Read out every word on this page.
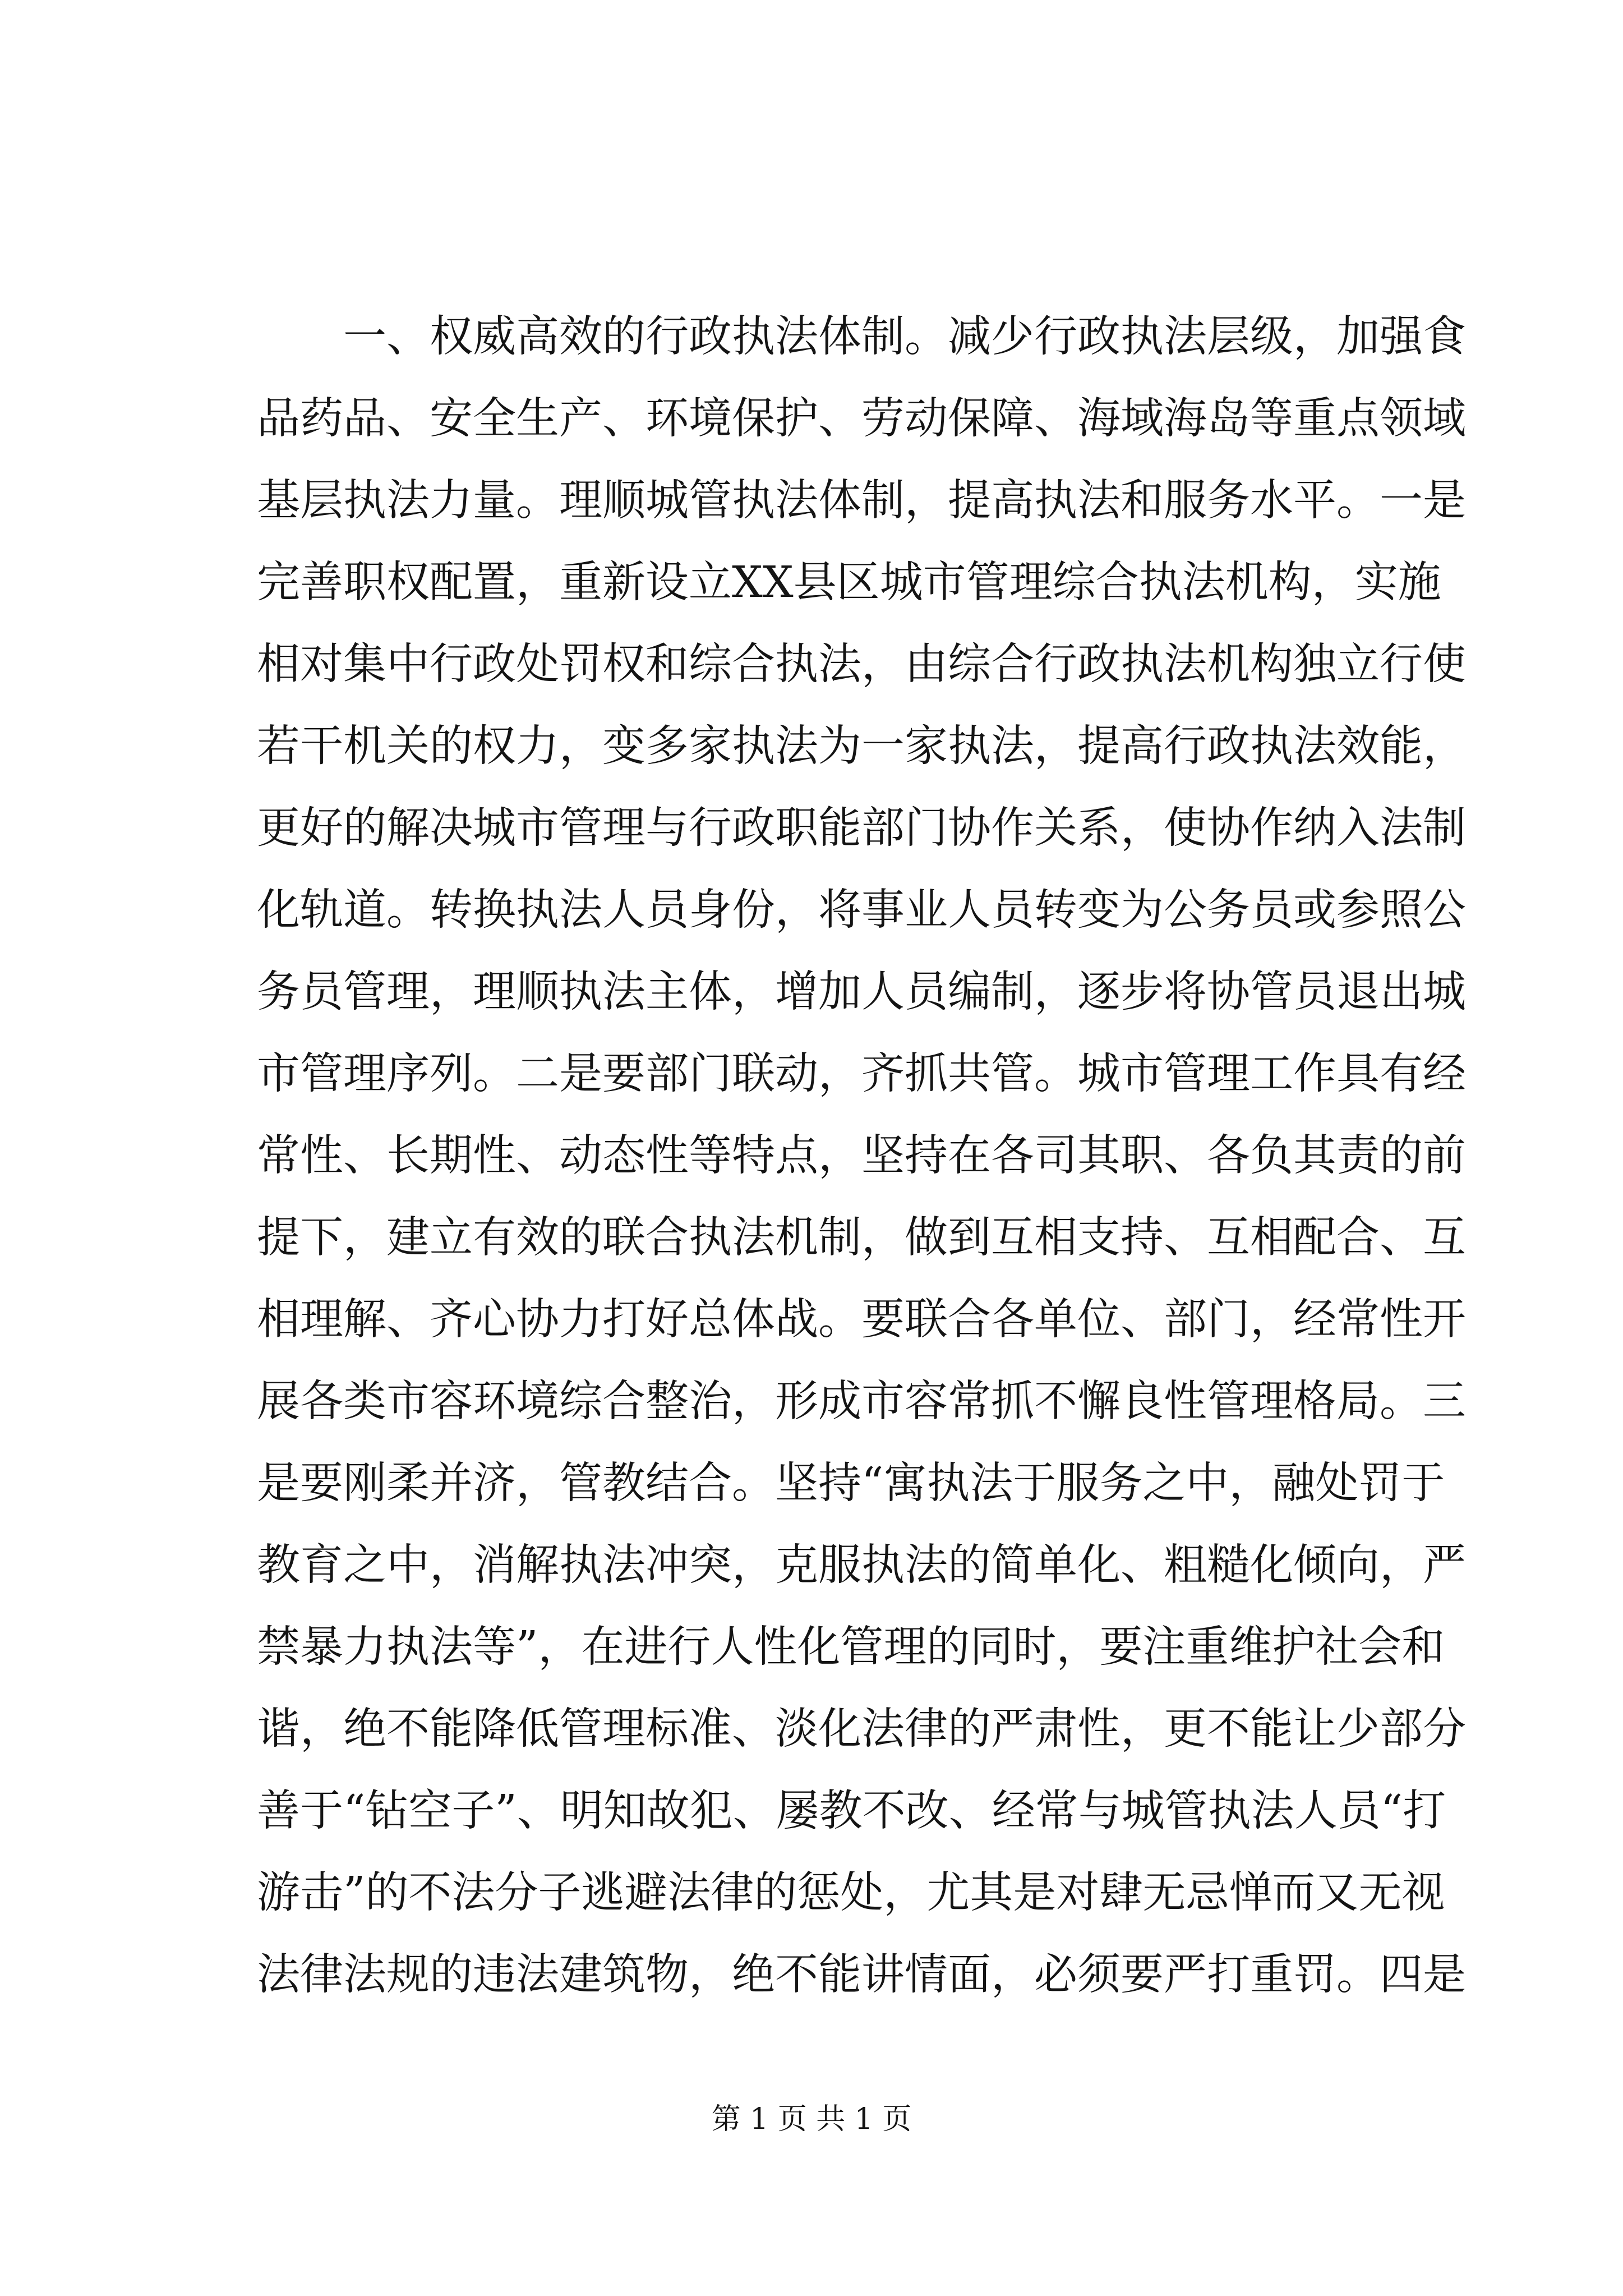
一、权威高效的行政执法体制。减少行政执法层级，加强食
品药品、安全生产、环境保护、劳动保障、海域海岛等重点领域
基层执法力量。理顺城管执法体制，提高执法和服务水平。一是
完善职权配置，重新设立XX县区城市管理综合执法机构，实施
相对集中行政处罚权和综合执法，由综合行政执法机构独立行使
若干机关的权力，变多家执法为一家执法，提高行政执法效能，
更好的解决城市管理与行政职能部门协作关系，使协作纳入法制
化轨道。转换执法人员身份，将事业人员转变为公务员或参照公
务员管理，理顺执法主体，增加人员编制，逐步将协管员退出城
市管理序列。二是要部门联动，齐抓共管。城市管理工作具有经
常性、长期性、动态性等特点，坚持在各司其职、各负其责的前
提下，建立有效的联合执法机制，做到互相支持、互相配合、互
相理解、齐心协力打好总体战。要联合各单位、部门，经常性开
展各类市容环境综合整治，形成市容常抓不懈良性管理格局。三
是要刚柔并济，管教结合。坚持“寓执法于服务之中，融处罚于
教育之中，消解执法冲突，克服执法的简单化、粗糙化倾向，严
禁暴力执法等”，在进行人性化管理的同时，要注重维护社会和
谐，绝不能降低管理标准、淡化法律的严肃性，更不能让少部分
善于“钻空子”、明知故犯、屡教不改、经常与城管执法人员“打
游击”的不法分子逃避法律的惩处，尤其是对肆无忌惮而又无视
法律法规的违法建筑物，绝不能讲情面，必须要严打重罚。四是

第 1 页 共 1 页
